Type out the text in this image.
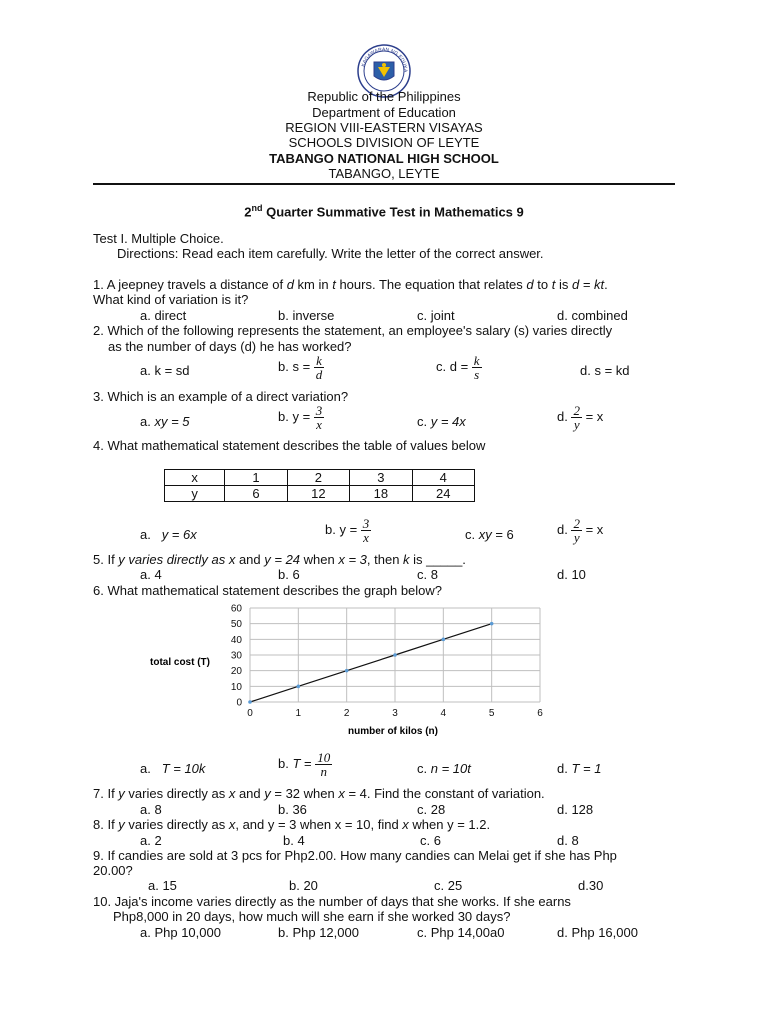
KAGAWARAN NG EDUKA
Republic of the Philippines
Department of Education
REGION VIII-EASTERN VISAYAS
SCHOOLS DIVISION OF LEYTE
TABANGO NATIONAL HIGH SCHOOL
TABANGO, LEYTE
2nd Quarter Summative Test in Mathematics 9
Test I. Multiple Choice.
Directions: Read each item carefully. Write the letter of the correct answer.
1. A jeepney travels a distance of d km in t hours. The equation that relates d to t is d = kt.
What kind of variation is it?
a. direct	b. inverse	c. joint	d. combined
2. Which of the following represents the statement, an employee's salary (s) varies directly
as the number of days (d) he has worked?
a. k = sd	b. $s = \frac{k}{d}$	c. $d = \frac{k}{s}$	d. s = kd
3. Which is an example of a direct variation?
a. xy = 5	b. $y = \frac{3}{x}$	c. y = 4x	d. $\frac{2}{y} = x$
4. What mathematical statement describes the table of values below
x	1	2	3	4
y	6	12	18	24
a. y = 6x	b. $y = \frac{3}{x}$	c. xy = 6	d. $\frac{2}{y} = x$
5. If y varies directly as x and y = 24 when x = 3, then k is _____.
a. 4	b. 6	c. 8	d. 10
6. What mathematical statement describes the graph below?
0
10
20
30
40
50
60
0	1	2	3	4	5	6
total cost (T)
number of kilos (n)
a. T = 10k	b. $T = \frac{10}{n}$	c. n = 10t	d. T = 1
7. If y varies directly as x and y = 32 when x = 4. Find the constant of variation.
a. 8	b. 36	c. 28	d. 128
8. If y varies directly as x, and y = 3 when x = 10, find x when y = 1.2.
a. 2	b. 4	c. 6	d. 8
9. If candies are sold at 3 pcs for Php2.00. How many candies can Melai get if she has Php
20.00?
a. 15	b. 20	c. 25	d.30
10. Jaja's income varies directly as the number of days that she works. If she earns
Php8,000 in 20 days, how much will she earn if she worked 30 days?
a. Php 10,000	b. Php 12,000	c. Php 14,00a0	d. Php 16,000
